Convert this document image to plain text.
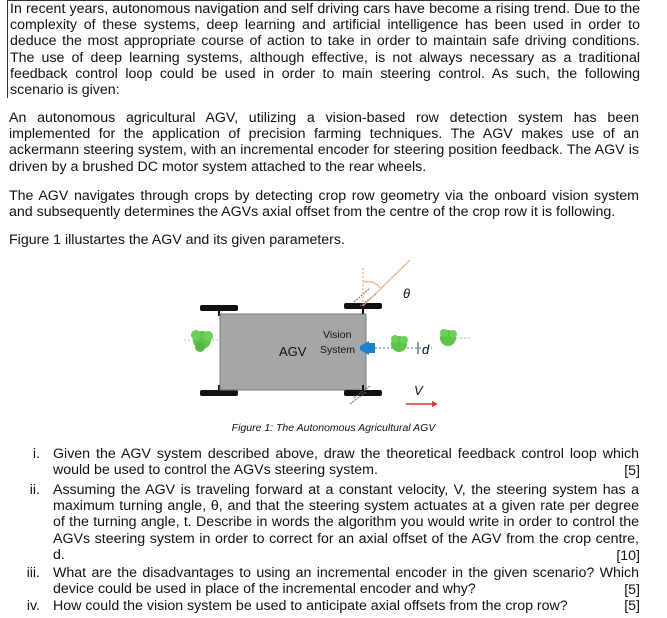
In recent years, autonomous navigation and self driving cars have become a rising trend. Due to the complexity of these systems, deep learning and artificial intelligence has been used in order to deduce the most appropriate course of action to take in order to maintain safe driving conditions. The use of deep learning systems, although effective, is not always necessary as a traditional feedback control loop could be used in order to main steering control. As such, the following scenario is given:

An autonomous agricultural AGV, utilizing a vision-based row detection system has been implemented for the application of precision farming techniques. The AGV makes use of an ackermann steering system, with an incremental encoder for steering position feedback. The AGV is driven by a brushed DC motor system attached to the rear wheels.

The AGV navigates through crops by detecting crop row geometry via the onboard vision system and subsequently determines the AGVs axial offset from the centre of the crop row it is following.

Figure 1 illustartes the AGV and its given parameters.

AGV
Vision
System
θ
d
V
Figure 1: The Autonomous Agricultural AGV
i. Given the AGV system described above, draw the theoretical feedback control loop which would be used to control the AGVs steering system.	[5]
ii. Assuming the AGV is traveling forward at a constant velocity, V, the steering system has a maximum turning angle, θ, and that the steering system actuates at a given rate per degree of the turning angle, t. Describe in words the algorithm you would write in order to control the AGVs steering system in order to correct for an axial offset of the AGV from the crop centre, d.	[10]
iii. What are the disadvantages to using an incremental encoder in the given scenario? Which device could be used in place of the incremental encoder and why?	[5]
iv. How could the vision system be used to anticipate axial offsets from the crop row?	[5]
